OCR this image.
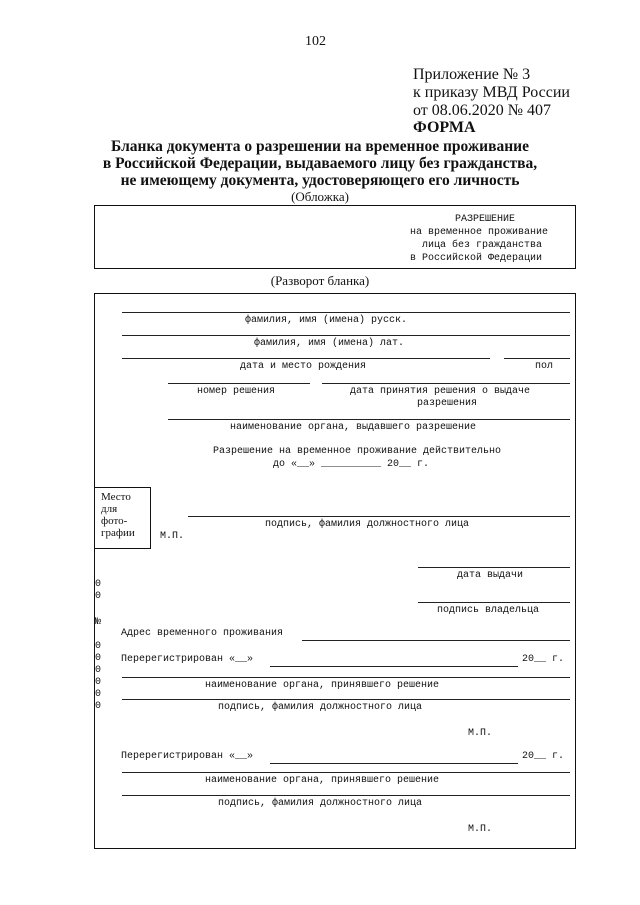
102
Приложение № 3
к приказу МВД России
от 08.06.2020 № 407
ФОРМА
Бланка документа о разрешении на временное проживание
в Российской Федерации, выдаваемого лицу без гражданства,
не имеющему документа, удостоверяющего его личность
(Обложка)
РАЗРЕШЕНИЕ
на временное проживание
лица без гражданства
в Российской Федерации
(Разворот бланка)
фамилия, имя (имена) русск.
фамилия, имя (имена) лат.
дата и место рождения	пол
номер решения	дата принятия решения о выдаче
разрешения
наименование органа, выдавшего разрешение
Разрешение на временное проживание действительно
до «__» __________ 20__ г.
Место
для
фото-
графии	М.П.
подпись, фамилия должностного лица
дата выдачи
подпись владельца
0
0
№
0
0
0
0
0
0
Адрес временного проживания
Перерегистрирован «__»	20__ г.
наименование органа, принявшего решение
подпись, фамилия должностного лица
М.П.
Перерегистрирован «__»	20__ г.
наименование органа, принявшего решение
подпись, фамилия должностного лица
М.П.
